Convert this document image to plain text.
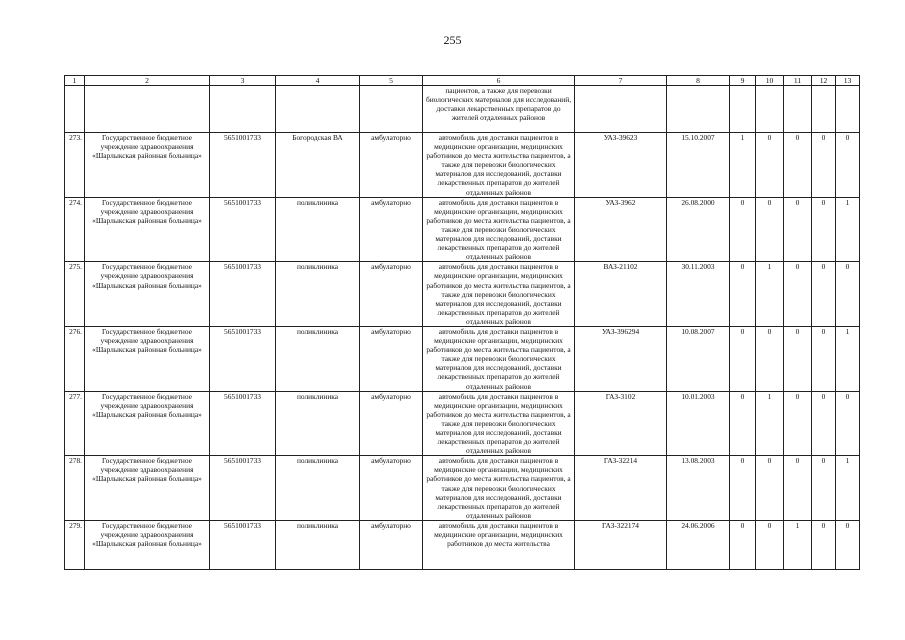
255
1	2	3	4	5	6	7	8	9	10	11	12	13
					пациентов, а также для перевозки биологических материалов для исследований, доставки лекарственных препаратов до жителей отдаленных районов							
273.	Государственное бюджетное учреждение здравоохранения «Шарлыкская районная больница»	5651001733	Богородская ВА	амбулаторно	автомобиль для доставки пациентов в медицинские организации, медицинских работников до места жительства пациентов, а также для перевозки биологических материалов для исследований, доставки лекарственных препаратов до жителей отдаленных районов	УАЗ-39623	15.10.2007	1	0	0	0	0
274.	Государственное бюджетное учреждение здравоохранения «Шарлыкская районная больница»	5651001733	поликлиника	амбулаторно	автомобиль для доставки пациентов в медицинские организации, медицинских работников до места жительства пациентов, а также для перевозки биологических материалов для исследований, доставки лекарственных препаратов до жителей отдаленных районов	УАЗ-3962	26.08.2000	0	0	0	0	1
275.	Государственное бюджетное учреждение здравоохранения «Шарлыкская районная больница»	5651001733	поликлиника	амбулаторно	автомобиль для доставки пациентов в медицинские организации, медицинских работников до места жительства пациентов, а также для перевозки биологических материалов для исследований, доставки лекарственных препаратов до жителей отдаленных районов	ВАЗ-21102	30.11.2003	0	1	0	0	0
276.	Государственное бюджетное учреждение здравоохранения «Шарлыкская районная больница»	5651001733	поликлиника	амбулаторно	автомобиль для доставки пациентов в медицинские организации, медицинских работников до места жительства пациентов, а также для перевозки биологических материалов для исследований, доставки лекарственных препаратов до жителей отдаленных районов	УАЗ-396294	10.08.2007	0	0	0	0	1
277.	Государственное бюджетное учреждение здравоохранения «Шарлыкская районная больница»	5651001733	поликлиника	амбулаторно	автомобиль для доставки пациентов в медицинские организации, медицинских работников до места жительства пациентов, а также для перевозки биологических материалов для исследований, доставки лекарственных препаратов до жителей отдаленных районов	ГАЗ-3102	10.01.2003	0	1	0	0	0
278.	Государственное бюджетное учреждение здравоохранения «Шарлыкская районная больница»	5651001733	поликлиника	амбулаторно	автомобиль для доставки пациентов в медицинские организации, медицинских работников до места жительства пациентов, а также для перевозки биологических материалов для исследований, доставки лекарственных препаратов до жителей отдаленных районов	ГАЗ-32214	13.08.2003	0	0	0	0	1
279.	Государственное бюджетное учреждение здравоохранения «Шарлыкская районная больница»	5651001733	поликлиника	амбулаторно	автомобиль для доставки пациентов в медицинские организации, медицинских работников до места жительства	ГАЗ-322174	24.06.2006	0	0	1	0	0
